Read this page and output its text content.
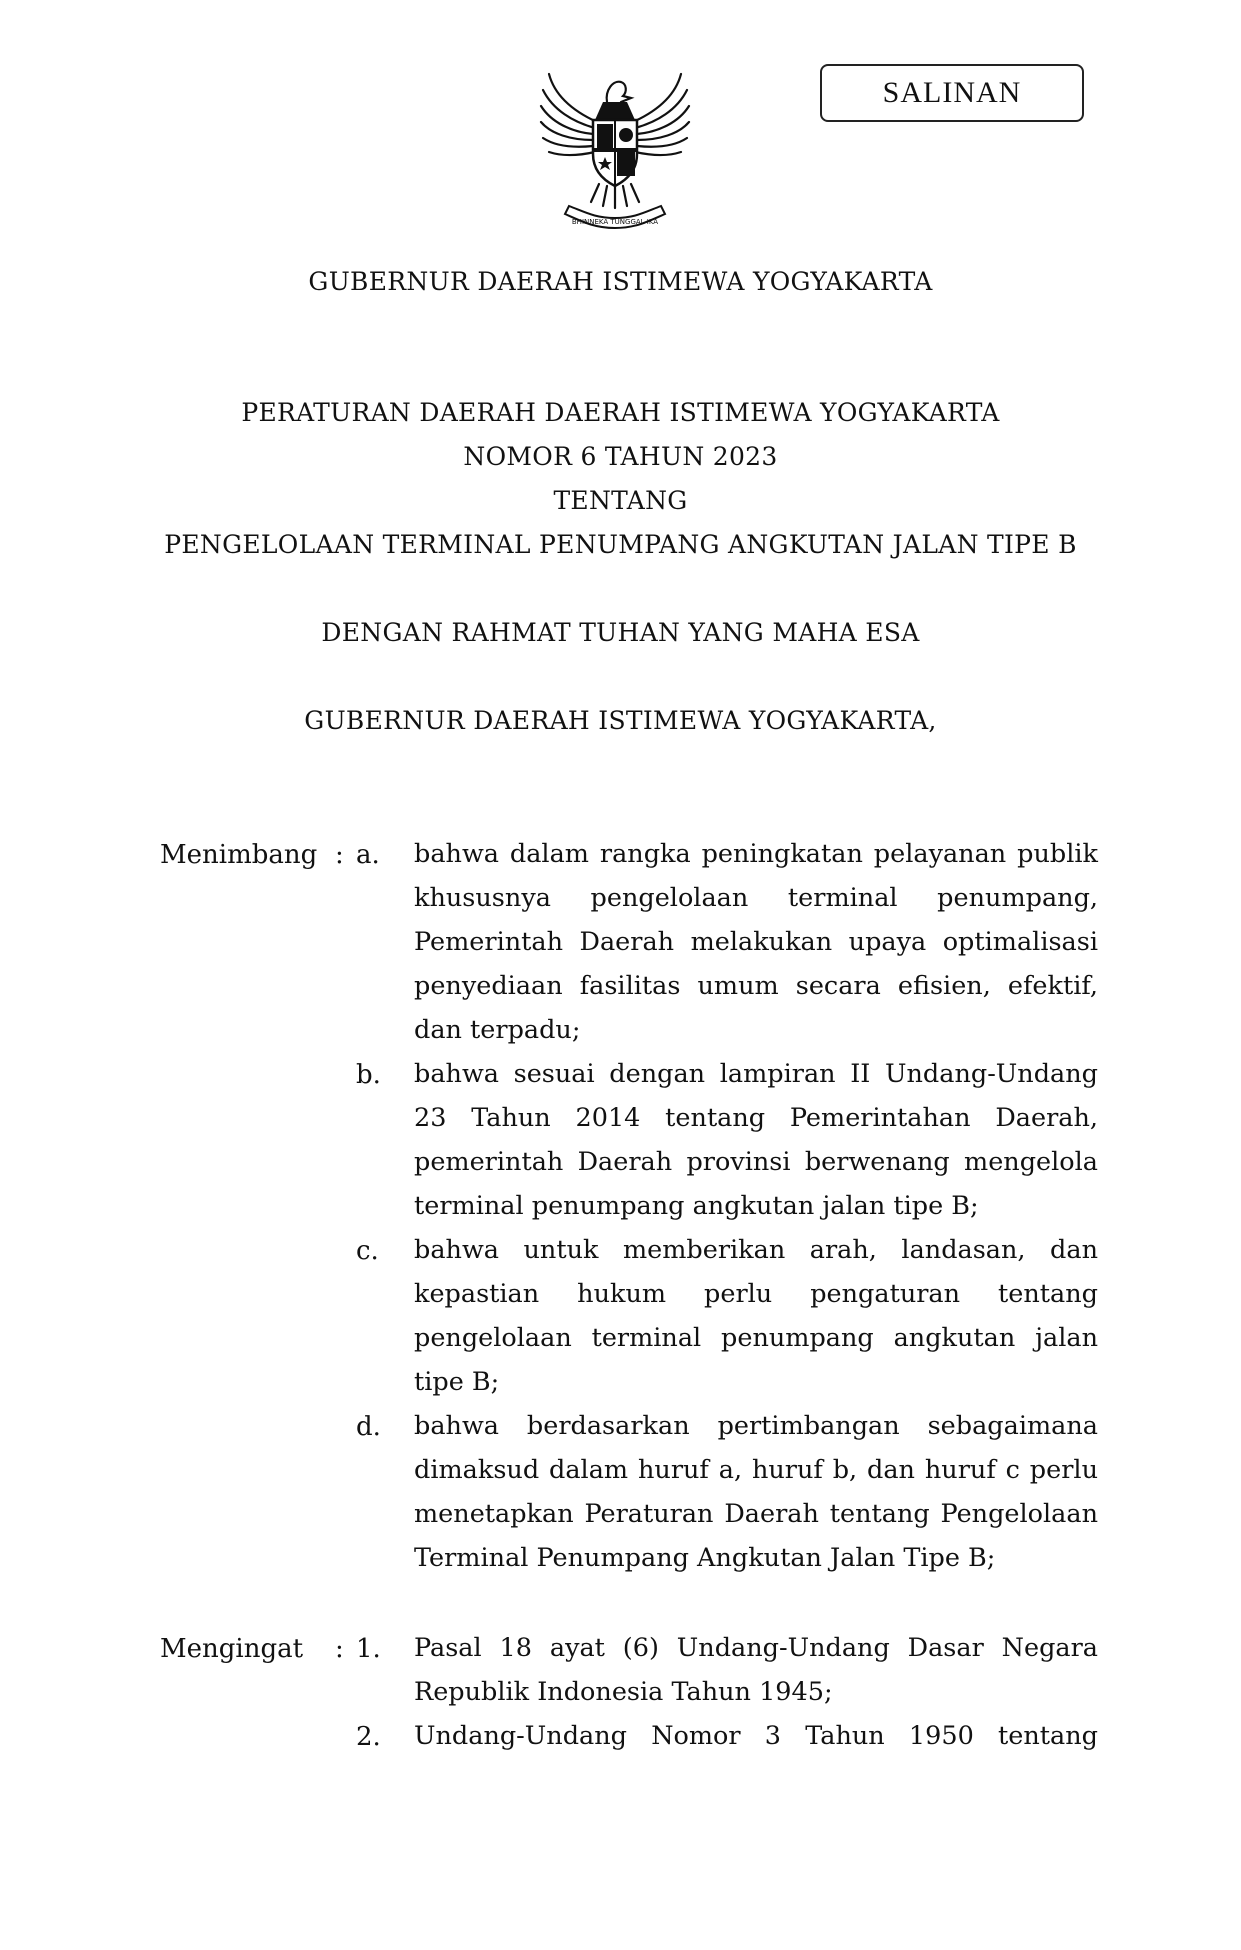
SALINAN
BHINNEKA TUNGGAL IKA
GUBERNUR DAERAH ISTIMEWA YOGYAKARTA
PERATURAN DAERAH DAERAH ISTIMEWA YOGYAKARTA
NOMOR 6 TAHUN 2023
TENTANG
PENGELOLAAN TERMINAL PENUMPANG ANGKUTAN JALAN TIPE B
DENGAN RAHMAT TUHAN YANG MAHA ESA
GUBERNUR DAERAH ISTIMEWA YOGYAKARTA,
Menimbang : a. bahwa dalam rangka peningkatan pelayanan publik khususnya pengelolaan terminal penumpang, Pemerintah Daerah melakukan upaya optimalisasi penyediaan fasilitas umum secara efisien, efektif, dan terpadu;
b. bahwa sesuai dengan lampiran II Undang-Undang 23 Tahun 2014 tentang Pemerintahan Daerah, pemerintah Daerah provinsi berwenang mengelola terminal penumpang angkutan jalan tipe B;
c. bahwa untuk memberikan arah, landasan, dan kepastian hukum perlu pengaturan tentang pengelolaan terminal penumpang angkutan jalan tipe B;
d. bahwa berdasarkan pertimbangan sebagaimana dimaksud dalam huruf a, huruf b, dan huruf c perlu menetapkan Peraturan Daerah tentang Pengelolaan Terminal Penumpang Angkutan Jalan Tipe B;
Mengingat : 1. Pasal 18 ayat (6) Undang-Undang Dasar Negara Republik Indonesia Tahun 1945;
2. Undang-Undang Nomor 3 Tahun 1950 tentang
